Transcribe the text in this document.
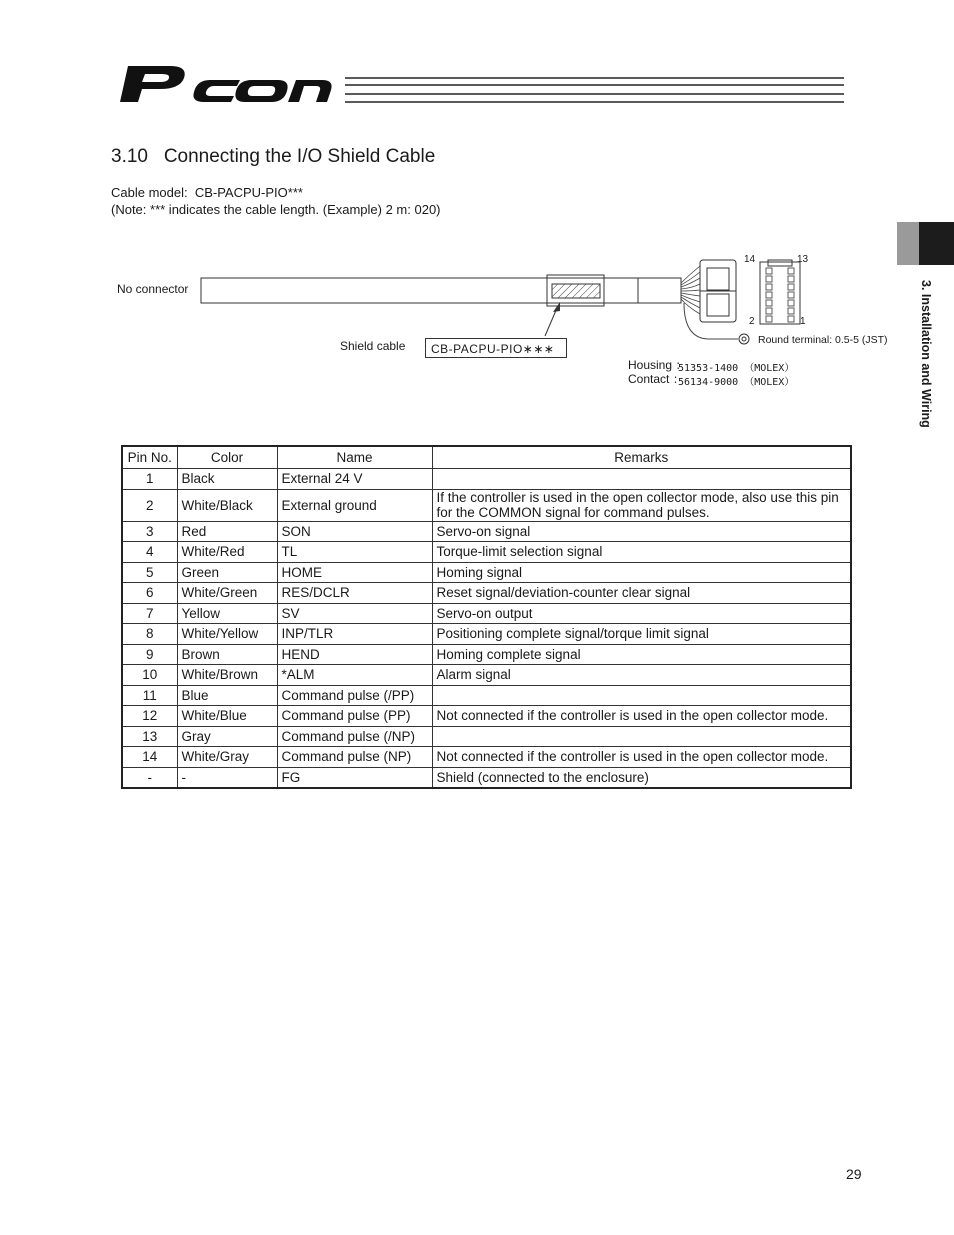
3.10   Connecting the I/O Shield Cable
Cable model:  CB-PACPU-PIO***
(Note: *** indicates the cable length. (Example) 2 m: 020)
No connector
Shield cable	CB-PACPU-PIO∗∗∗
Housing ：
Contact ：
51353-1400 （MOLEX）
56134-9000 （MOLEX）
Round terminal: 0.5-5 (JST)
14	13
2	1	3. Installation and Wiring
Pin No.	Color	Name	Remarks
1	Black	External 24 V	
2	White/Black	External ground	If the controller is used in the open collector mode, also use this pin for the COMMON signal for command pulses.
3	Red	SON	Servo-on signal
4	White/Red	TL	Torque-limit selection signal
5	Green	HOME	Homing signal
6	White/Green	RES/DCLR	Reset signal/deviation-counter clear signal
7	Yellow	SV	Servo-on output
8	White/Yellow	INP/TLR	Positioning complete signal/torque limit signal
9	Brown	HEND	Homing complete signal
10	White/Brown	*ALM	Alarm signal
11	Blue	Command pulse (/PP)	
12	White/Blue	Command pulse (PP)	Not connected if the controller is used in the open collector mode.
13	Gray	Command pulse (/NP)	
14	White/Gray	Command pulse (NP)	Not connected if the controller is used in the open collector mode.
-	-	FG	Shield (connected to the enclosure)
29
